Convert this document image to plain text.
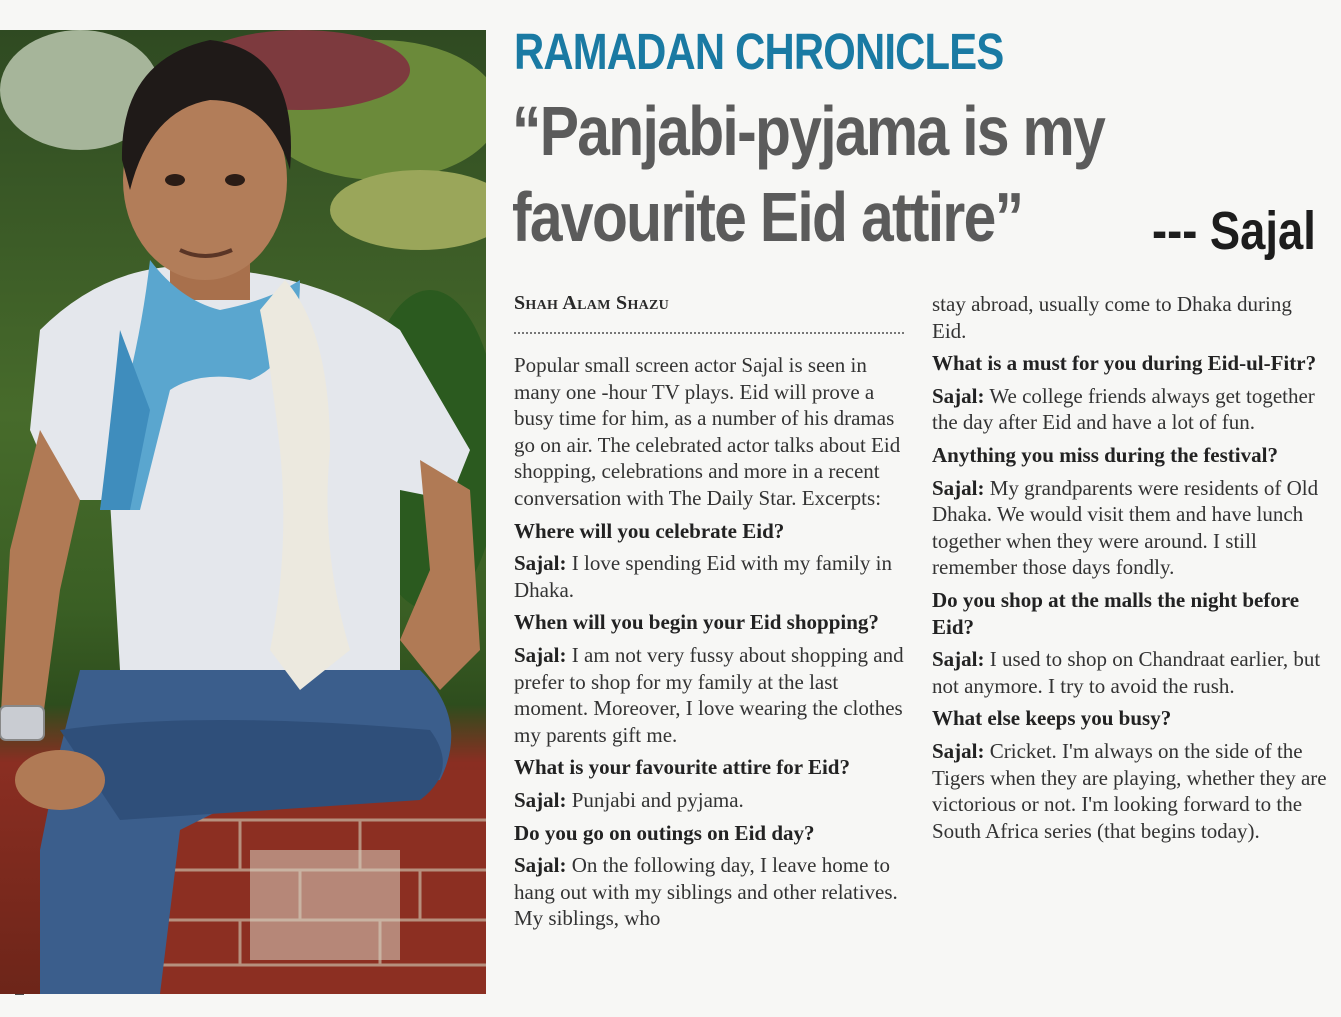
RAMADAN CHRONICLES
“Panjabi-pyjama is my
favourite Eid attire”	--- Sajal
Shah Alam Shazu

Popular small screen actor Sajal is seen in many one -hour TV plays. Eid will prove a busy time for him, as a number of his dramas go on air. The celebrated actor talks about Eid shopping, celebrations and more in a recent conversation with The Daily Star. Excerpts:

Where will you celebrate Eid?

Sajal: I love spending Eid with my family in Dhaka.

When will you begin your Eid shopping?

Sajal: I am not very fussy about shopping and prefer to shop for my family at the last moment. Moreover, I love wearing the clothes my parents gift me.

What is your favourite attire for Eid?

Sajal: Punjabi and pyjama.

Do you go on outings on Eid day?

Sajal: On the following day, I leave home to hang out with my siblings and other relatives. My siblings, who

stay abroad, usually come to Dhaka during Eid.

What is a must for you during Eid-ul-Fitr?

Sajal: We college friends always get together the day after Eid and have a lot of fun.

Anything you miss during the festival?

Sajal: My grandparents were residents of Old Dhaka. We would visit them and have lunch together when they were around. I still remember those days fondly.

Do you shop at the malls the night before Eid?

Sajal: I used to shop on Chandraat earlier, but not anymore. I try to avoid the rush.

What else keeps you busy?

Sajal: Cricket. I'm always on the side of the Tigers when they are playing, whether they are victorious or not. I'm looking forward to the South Africa series (that begins today).
